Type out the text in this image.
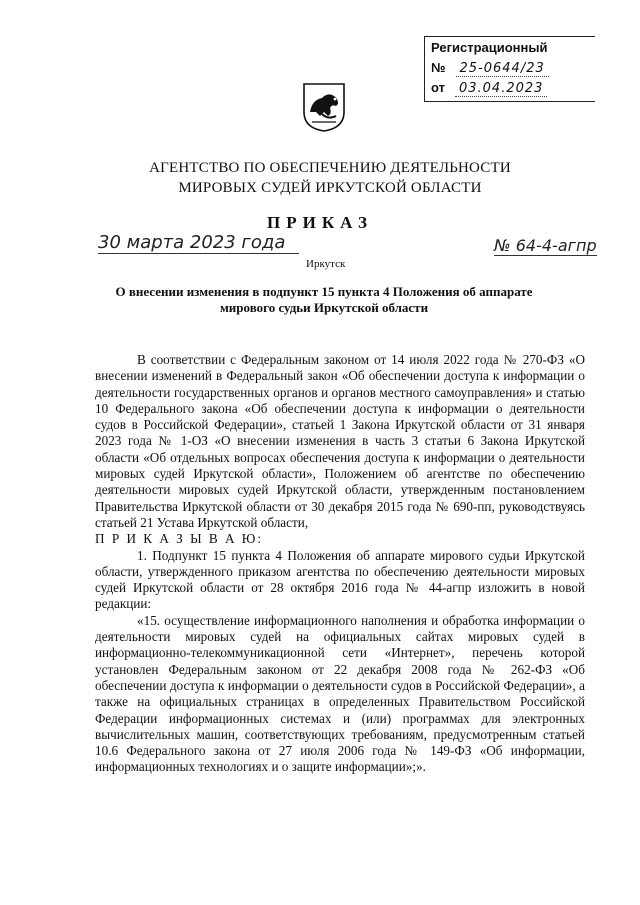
Регистрационный
№ 25-0644/23
от 03.04.2023
АГЕНТСТВО ПО ОБЕСПЕЧЕНИЮ ДЕЯТЕЛЬНОСТИ
МИРОВЫХ СУДЕЙ ИРКУТСКОЙ ОБЛАСТИ
ПРИКАЗ
30 марта 2023 года
Иркутск
№ 64-4-агпр
О внесении изменения в подпункт 15 пункта 4 Положения об аппарате
мирового судьи Иркутской области

В соответствии с Федеральным законом от 14 июля 2022 года № 270-ФЗ «О внесении изменений в Федеральный закон «Об обеспечении доступа к информации о деятельности государственных органов и органов местного самоуправления» и статью 10 Федерального закона «Об обеспечении доступа к информации о деятельности судов в Российской Федерации», статьей 1 Закона Иркутской области от 31 января 2023 года № 1-ОЗ «О внесении изменения в часть 3 статьи 6 Закона Иркутской области «Об отдельных вопросах обеспечения доступа к информации о деятельности мировых судей Иркутской области», Положением об агентстве по обеспечению деятельности мировых судей Иркутской области, утвержденным постановлением Правительства Иркутской области от 30 декабря 2015 года № 690-пп, руководствуясь статьей 21 Устава Иркутской области,

П Р И К А З Ы В А Ю:

1. Подпункт 15 пункта 4 Положения об аппарате мирового судьи Иркутской области, утвержденного приказом агентства по обеспечению деятельности мировых судей Иркутской области от 28 октября 2016 года № 44-агпр изложить в новой редакции:

«15. осуществление информационного наполнения и обработка информации о деятельности мировых судей на официальных сайтах мировых судей в информационно-телекоммуникационной сети «Интернет», перечень которой установлен Федеральным законом от 22 декабря 2008 года № 262-ФЗ «Об обеспечении доступа к информации о деятельности судов в Российской Федерации», а также на официальных страницах в определенных Правительством Российской Федерации информационных системах и (или) программах для электронных вычислительных машин, соответствующих требованиям, предусмотренным статьей 10.6 Федерального закона от 27 июля 2006 года № 149-ФЗ «Об информации, информационных технологиях и о защите информации»;».
